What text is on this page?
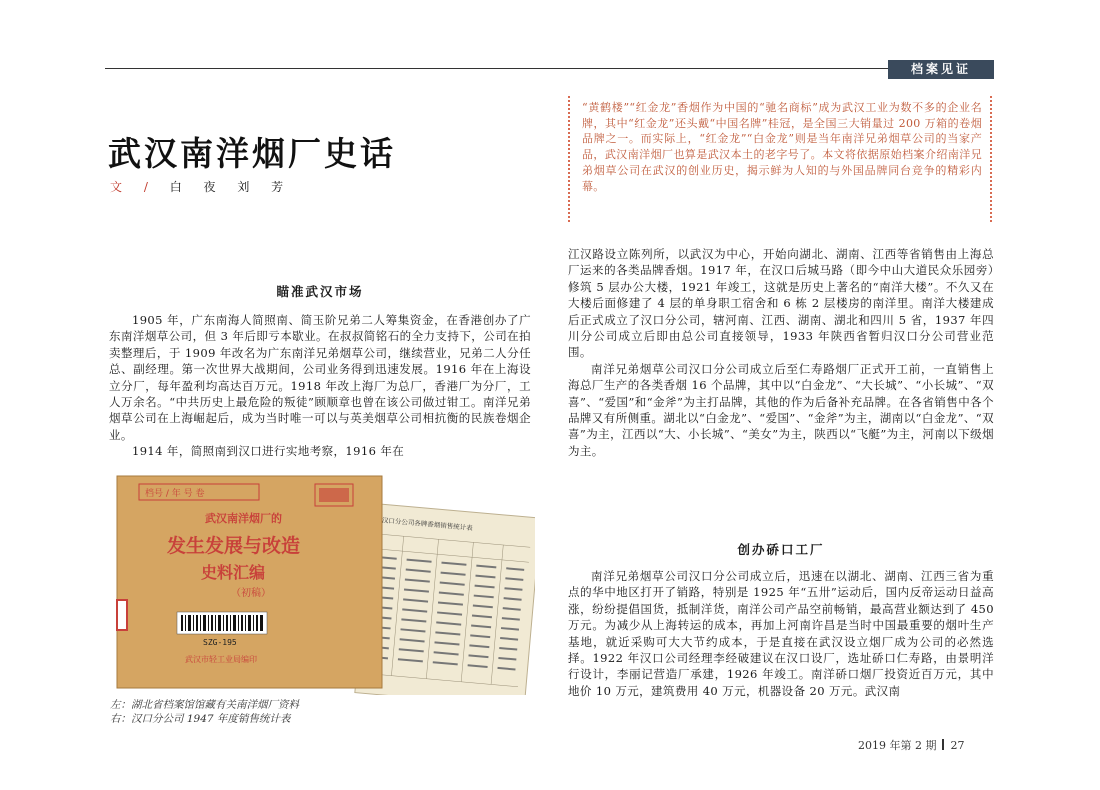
档案见证
武汉南洋烟厂史话
文 / 白 夜 刘 芳

“黄鹤楼”“红金龙”香烟作为中国的“驰名商标”成为武汉工业为数不多的企业名牌，其中“红金龙”还头戴“中国名牌”桂冠，是全国三大销量过 200 万箱的卷烟品牌之一。而实际上，“红金龙”“白金龙”则是当年南洋兄弟烟草公司的当家产品，武汉南洋烟厂也算是武汉本土的老字号了。本文将依据原始档案介绍南洋兄弟烟草公司在武汉的创业历史，揭示鲜为人知的与外国品牌同台竞争的精彩内幕。

瞄准武汉市场

1905 年，广东南海人简照南、简玉阶兄弟二人筹集资金，在香港创办了广东南洋烟草公司，但 3 年后即亏本歇业。在叔叔简铭石的全力支持下，公司在拍卖整理后，于 1909 年改名为广东南洋兄弟烟草公司，继续营业，兄弟二人分任总、副经理。第一次世界大战期间，公司业务得到迅速发展。1916 年在上海设立分厂，每年盈利均高达百万元。1918 年改上海厂为总厂，香港厂为分厂，工人万余名。“中共历史上最危险的叛徒”顾顺章也曾在该公司做过钳工。南洋兄弟烟草公司在上海崛起后，成为当时唯一可以与英美烟草公司相抗衡的民族卷烟企业。

1914 年，简照南到汉口进行实地考察，1916 年在

汉口分公司各牌香烟销售统计表
档号 / 年 号 卷
武汉南洋烟厂的
发生发展与改造
史料汇编
（初稿）
SZG-195
武汉市轻工业局编印
左：湖北省档案馆馆藏有关南洋烟厂资料
右：汉口分公司 1947 年度销售统计表

江汉路设立陈列所，以武汉为中心，开始向湖北、湖南、江西等省销售由上海总厂运来的各类品牌香烟。1917 年，在汉口后城马路（即今中山大道民众乐园旁）修筑 5 层办公大楼，1921 年竣工，这就是历史上著名的“南洋大楼”。不久又在大楼后面修建了 4 层的单身职工宿舍和 6 栋 2 层楼房的南洋里。南洋大楼建成后正式成立了汉口分公司，辖河南、江西、湖南、湖北和四川 5 省，1937 年四川分公司成立后即由总公司直接领导，1933 年陕西省暂归汉口分公司营业范围。

南洋兄弟烟草公司汉口分公司成立后至仁寿路烟厂正式开工前，一直销售上海总厂生产的各类香烟 16 个品牌，其中以“白金龙”、“大长城”、“小长城”、“双喜”、“爱国”和“金斧”为主打品牌，其他的作为后备补充品牌。在各省销售中各个品牌又有所侧重。湖北以“白金龙”、“爱国”、“金斧”为主，湖南以“白金龙”、“双喜”为主，江西以“大、小长城”、“美女”为主，陕西以“飞艇”为主，河南以下级烟为主。

创办硚口工厂

南洋兄弟烟草公司汉口分公司成立后，迅速在以湖北、湖南、江西三省为重点的华中地区打开了销路，特别是 1925 年“五卅”运动后，国内反帝运动日益高涨，纷纷提倡国货，抵制洋货，南洋公司产品空前畅销，最高营业额达到了 450 万元。为减少从上海转运的成本，再加上河南许昌是当时中国最重要的烟叶生产基地，就近采购可大大节约成本，于是直接在武汉设立烟厂成为公司的必然选择。1922 年汉口公司经理李经破建议在汉口设厂，选址硚口仁寿路，由景明洋行设计，李丽记营造厂承建，1926 年竣工。南洋硚口烟厂投资近百万元，其中地价 10 万元，建筑费用 40 万元，机器设备 20 万元。武汉南

2019 年第 2 期 27
